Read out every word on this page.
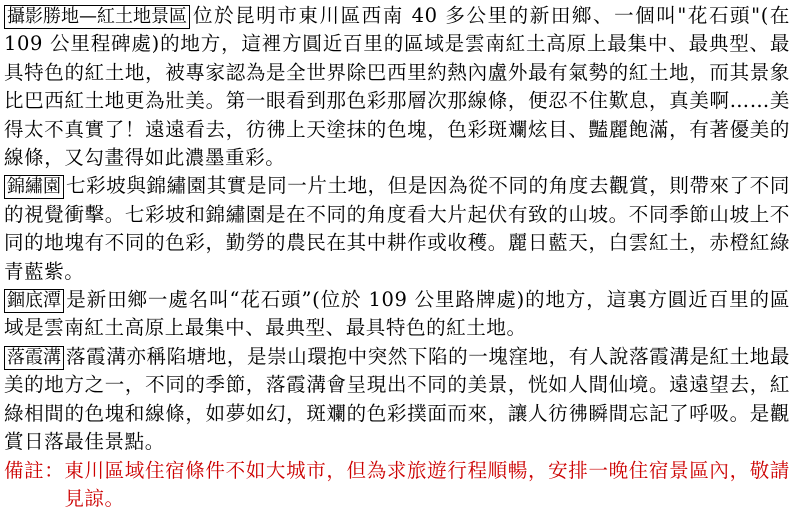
攝影勝地—紅土地景區 位於昆明市東川區西南 40 多公里的新田鄉、一個叫"花石頭"(在 109 公里程碑處)的地方，這裡方圓近百里的區域是雲南紅土高原上最集中、最典型、最具特色的紅土地，被專家認為是全世界除巴西里約熱內盧外最有氣勢的紅土地，而其景象比巴西紅土地更為壯美。第一眼看到那色彩那層次那線條，便忍不住歎息，真美啊……美得太不真實了！遠遠看去，彷彿上天塗抹的色塊，色彩斑斕炫目、豔麗飽滿，有著優美的線條，又勾畫得如此濃墨重彩。

錦繡園 七彩坡與錦繡園其實是同一片土地，但是因為從不同的角度去觀賞，則帶來了不同的視覺衝擊。七彩坡和錦繡園是在不同的角度看大片起伏有致的山坡。不同季節山坡上不同的地塊有不同的色彩，勤勞的農民在其中耕作或收穫。麗日藍天，白雲紅土，赤橙紅綠青藍紫。

錮底潭 是新田鄉一處名叫“花石頭”(位於 109 公里路牌處)的地方，這裏方圓近百里的區域是雲南紅土高原上最集中、最典型、最具特色的紅土地。

落霞溝 落霞溝亦稱陷塘地，是崇山環抱中突然下陷的一塊窪地，有人說落霞溝是紅土地最美的地方之一，不同的季節，落霞溝會呈現出不同的美景，恍如人間仙境。遠遠望去，紅綠相間的色塊和線條，如夢如幻，斑斕的色彩撲面而來，讓人彷彿瞬間忘記了呼吸。是觀賞日落最佳景點。

備註： 東川區域住宿條件不如大城市，但為求旅遊行程順暢，安排一晚住宿景區內，敬請見諒。
